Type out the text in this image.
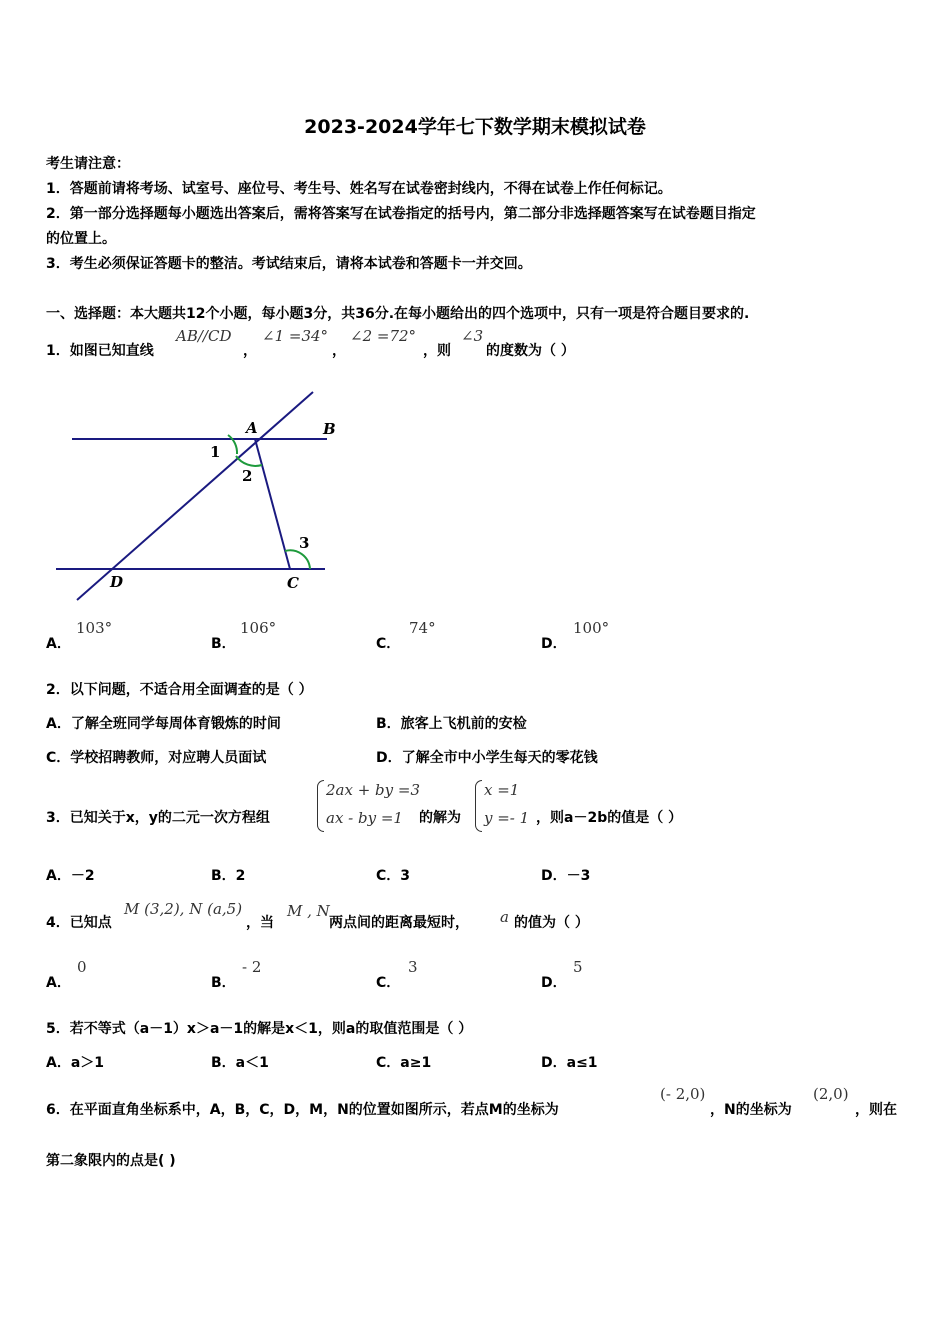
2023-2024学年七下数学期末模拟试卷
考生请注意：
1．答题前请将考场、试室号、座位号、考生号、姓名写在试卷密封线内，不得在试卷上作任何标记。
2．第一部分选择题每小题选出答案后，需将答案写在试卷指定的括号内，第二部分非选择题答案写在试卷题目指定
的位置上。
3．考生必须保证答题卡的整洁。考试结束后，请将本试卷和答题卡一并交回。
一、选择题：本大题共12个小题，每小题3分，共36分.在每小题给出的四个选项中，只有一项是符合题目要求的.
1．如图已知直线
AB//CD
，
∠1 =34°
，
∠2 =72°
，则
∠3
的度数为（ ）
A	B
C
D
1
2
3
A．
103°
B．
106°
C．
74°
D．
100°
2．以下问题，不适合用全面调查的是（ ）
A．了解全班同学每周体育锻炼的时间	B．旅客上飞机前的安检
C．学校招聘教师，对应聘人员面试	D．了解全市中小学生每天的零花钱
3．已知关于x，y的二元一次方程组
2ax + by =3
ax - by =1 的解为
x =1
y =- 1 ，则a－2b的值是（ ）
A．－2	B．2	C．3	D．－3
4．已知点
M (3,2), N (a,5)
，当
M , N
两点间的距离最短时， a 的值为（ ）
A．
0
B．
- 2
C．
3
D．
5
5．若不等式（a－1）x＞a－1的解是x＜1，则a的取值范围是（ ）
A．a＞1	B．a＜1	C．a≥1	D．a≤1
6．在平面直角坐标系中，A，B，C，D，M，N的位置如图所示，若点M的坐标为
(- 2,0)
，N的坐标为
(2,0)
，则在
第二象限内的点是( )
